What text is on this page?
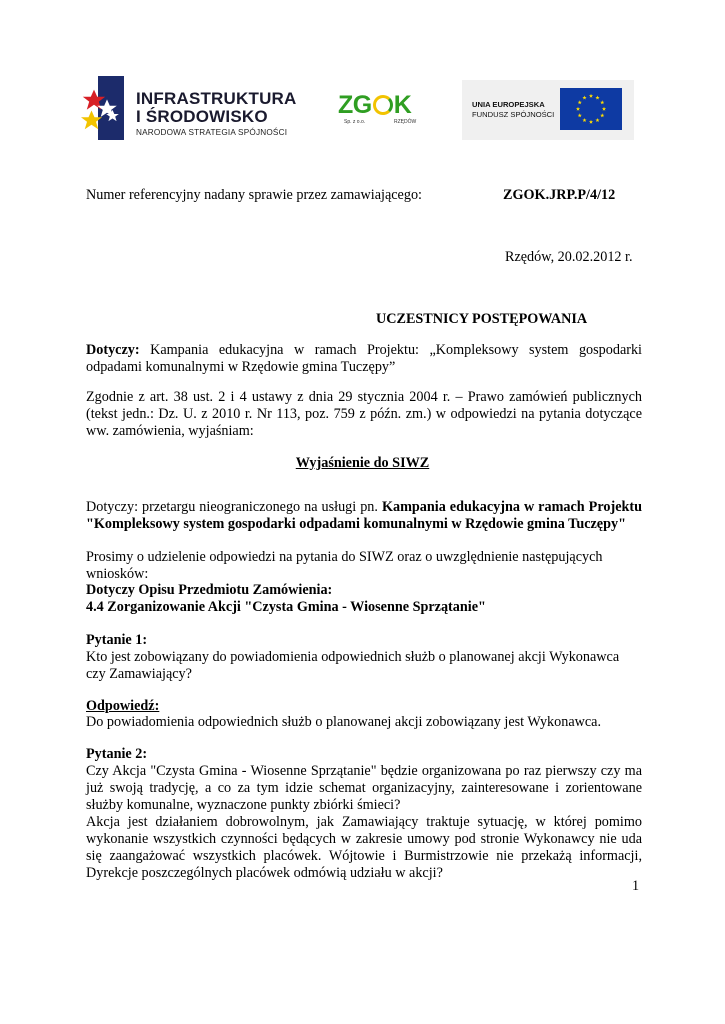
INFRASTRUKTURA
I ŚRODOWISKO
NARODOWA STRATEGIA SPÓJNOŚCI
ZG K
Sp. z o.o.	RZĘDÓW
UNIA EUROPEJSKA
FUNDUSZ SPÓJNOŚCI
Numer referencyjny nadany sprawie przez zamawiającego:	ZGOK.JRP.P/4/12
Rzędów, 20.02.2012 r.
UCZESTNICY POSTĘPOWANIA
Dotyczy: Kampania edukacyjna w ramach Projektu: „Kompleksowy system gospodarki odpadami komunalnymi w Rzędowie gmina Tuczępy”
Zgodnie z art. 38 ust. 2 i 4 ustawy z dnia 29 stycznia 2004 r. – Prawo zamówień publicznych (tekst jedn.: Dz. U. z 2010 r. Nr 113, poz. 759 z późn. zm.) w odpowiedzi na pytania dotyczące ww. zamówienia, wyjaśniam:
Wyjaśnienie do SIWZ
Dotyczy: przetargu nieograniczonego na usługi pn. Kampania edukacyjna w ramach Projektu "Kompleksowy system gospodarki odpadami komunalnymi w Rzędowie gmina Tuczępy"
Prosimy o udzielenie odpowiedzi na pytania do SIWZ oraz o uwzględnienie następujących wniosków:
Dotyczy Opisu Przedmiotu Zamówienia:
4.4 Zorganizowanie Akcji "Czysta Gmina - Wiosenne Sprzątanie"
Pytanie 1:
Kto jest zobowiązany do powiadomienia odpowiednich służb o planowanej akcji Wykonawca czy Zamawiający?
Odpowiedź:
Do powiadomienia odpowiednich służb o planowanej akcji zobowiązany jest Wykonawca.
Pytanie 2:
Czy Akcja "Czysta Gmina - Wiosenne Sprzątanie" będzie organizowana po raz pierwszy czy ma już swoją tradycję, a co za tym idzie schemat organizacyjny, zainteresowane i zorientowane służby komunalne, wyznaczone punkty zbiórki śmieci?
Akcja jest działaniem dobrowolnym, jak Zamawiający traktuje sytuację, w której pomimo wykonanie wszystkich czynności będących w zakresie umowy pod stronie Wykonawcy nie uda się zaangażować wszystkich placówek. Wójtowie i Burmistrzowie nie przekażą informacji, Dyrekcje poszczególnych placówek odmówią udziału w akcji?
1
